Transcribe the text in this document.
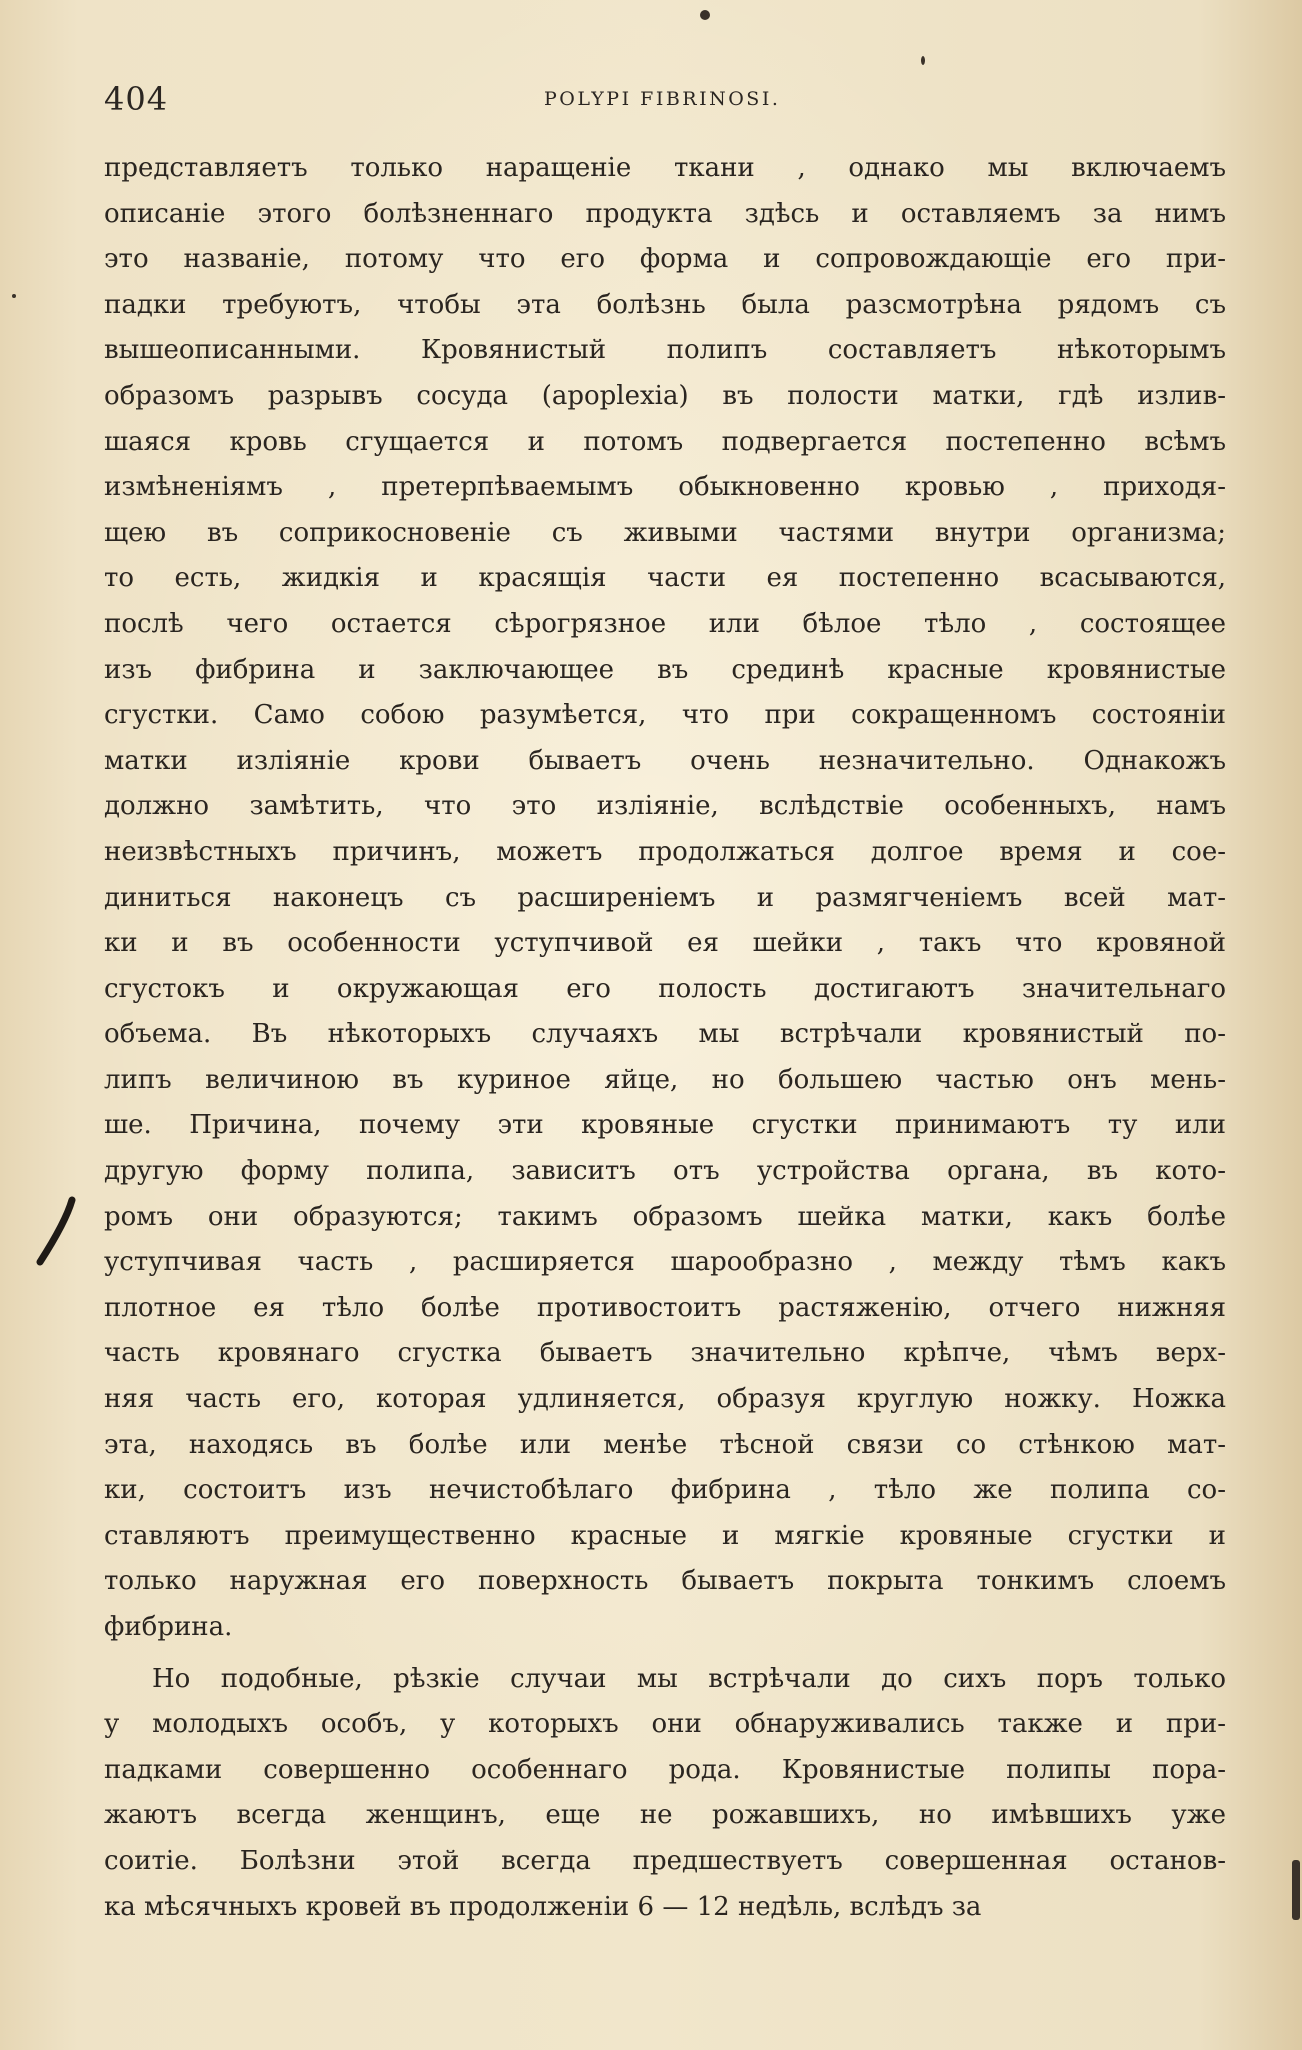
404	POLYPI FIBRINOSI.
представляетъ только наращеніе ткани , однако мы включаемъ
описаніе этого болѣзненнаго продукта здѣсь и оставляемъ за нимъ
это названіе, потому что его форма и сопровождающіе его при-
падки требуютъ, чтобы эта болѣзнь была разсмотрѣна рядомъ съ
вышеописанными. Кровянистый полипъ составляетъ нѣкоторымъ
образомъ разрывъ сосуда (apoplexia) въ полости матки, гдѣ излив-
шаяся кровь сгущается и потомъ подвергается постепенно всѣмъ
измѣненіямъ , претерпѣваемымъ обыкновенно кровью , приходя-
щею въ соприкосновеніе съ живыми частями внутри организма;
то есть, жидкія и красящія части ея постепенно всасываются,
послѣ чего остается сѣрогрязное или бѣлое тѣло , состоящее
изъ фибрина и заключающее въ срединѣ красные кровянистые
сгустки. Само собою разумѣется, что при сокращенномъ состояніи
матки изліяніе крови бываетъ очень незначительно. Однакожъ
должно замѣтить, что это изліяніе, вслѣдствіе особенныхъ, намъ
неизвѣстныхъ причинъ, можетъ продолжаться долгое время и сое-
диниться наконецъ съ расширеніемъ и размягченіемъ всей мат-
ки и въ особенности уступчивой ея шейки , такъ что кровяной
сгустокъ и окружающая его полость достигаютъ значительнаго
объема. Въ нѣкоторыхъ случаяхъ мы встрѣчали кровянистый по-
липъ величиною въ куриное яйце, но большею частью онъ мень-
ше. Причина, почему эти кровяные сгустки принимаютъ ту или
другую форму полипа, зависитъ отъ устройства органа, въ кото-
ромъ они образуются; такимъ образомъ шейка матки, какъ болѣе
уступчивая часть , расширяется шарообразно , между тѣмъ какъ
плотное ея тѣло болѣе противостоитъ растяженію, отчего нижняя
часть кровянаго сгустка бываетъ значительно крѣпче, чѣмъ верх-
няя часть его, которая удлиняется, образуя круглую ножку. Ножка
эта, находясь въ болѣе или менѣе тѣсной связи со стѣнкою мат-
ки, состоитъ изъ нечистобѣлаго фибрина , тѣло же полипа со-
ставляютъ преимущественно красные и мягкіе кровяные сгустки и
только наружная его поверхность бываетъ покрыта тонкимъ слоемъ
фибрина.
Но подобные, рѣзкіе случаи мы встрѣчали до сихъ поръ только
у молодыхъ особъ, у которыхъ они обнаруживались также и при-
падками совершенно особеннаго рода. Кровянистые полипы пора-
жаютъ всегда женщинъ, еще не рожавшихъ, но имѣвшихъ уже
соитіе. Болѣзни этой всегда предшествуетъ совершенная останов-
ка мѣсячныхъ кровей въ продолженіи 6 — 12 недѣль, вслѣдъ за
